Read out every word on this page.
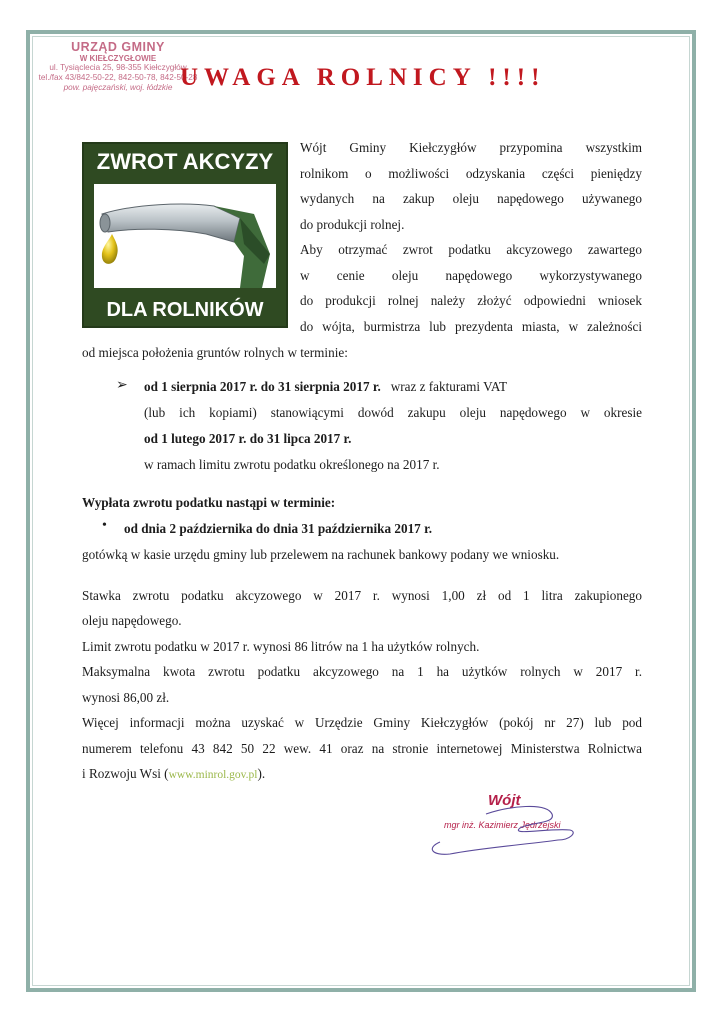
URZĄD GMINY
W KIEŁCZYGŁOWIE
ul. Tysiąclecia 25, 98-355 Kiełczygłów
tel./fax 43/842-50-22, 842-50-78, 842-50-28
pow. pajęczański, woj. łódzkie UWAGA ROLNICY !!!!
ZWROT AKCYZY
DLA ROLNIKÓW

Wójt Gminy Kiełczygłów przypomina wszystkim

rolnikom o możliwości odzyskania części pieniędzy

wydanych na zakup oleju napędowego używanego

do produkcji rolnej.

Aby otrzymać zwrot podatku akcyzowego zawartego

w cenie oleju napędowego wykorzystywanego

do produkcji rolnej należy złożyć odpowiedni wniosek

do wójta, burmistrza lub prezydenta miasta, w zależności

od miejsca położenia gruntów rolnych w terminie:

➢ od 1 sierpnia 2017 r. do 31 sierpnia 2017 r. wraz z fakturami VAT

(lub ich kopiami) stanowiącymi dowód zakupu oleju napędowego w okresie

od 1 lutego 2017 r. do 31 lipca 2017 r.

w ramach limitu zwrotu podatku określonego na 2017 r.

Wypłata zwrotu podatku nastąpi w terminie:

• od dnia 2 października do dnia 31 października 2017 r.

gotówką w kasie urzędu gminy lub przelewem na rachunek bankowy podany we wniosku.

Stawka zwrotu podatku akcyzowego w 2017 r. wynosi 1,00 zł od 1 litra zakupionego

oleju napędowego.

Limit zwrotu podatku w 2017 r. wynosi 86 litrów na 1 ha użytków rolnych.

Maksymalna kwota zwrotu podatku akcyzowego na 1 ha użytków rolnych w 2017 r.

wynosi 86,00 zł.

Więcej informacji można uzyskać w Urzędzie Gminy Kiełczygłów (pokój nr 27) lub pod

numerem telefonu 43 842 50 22 wew. 41 oraz na stronie internetowej Ministerstwa Rolnictwa

i Rozwoju Wsi (www.minrol.gov.pl).

Wójt
mgr inż. Kazimierz Jędrzejski
